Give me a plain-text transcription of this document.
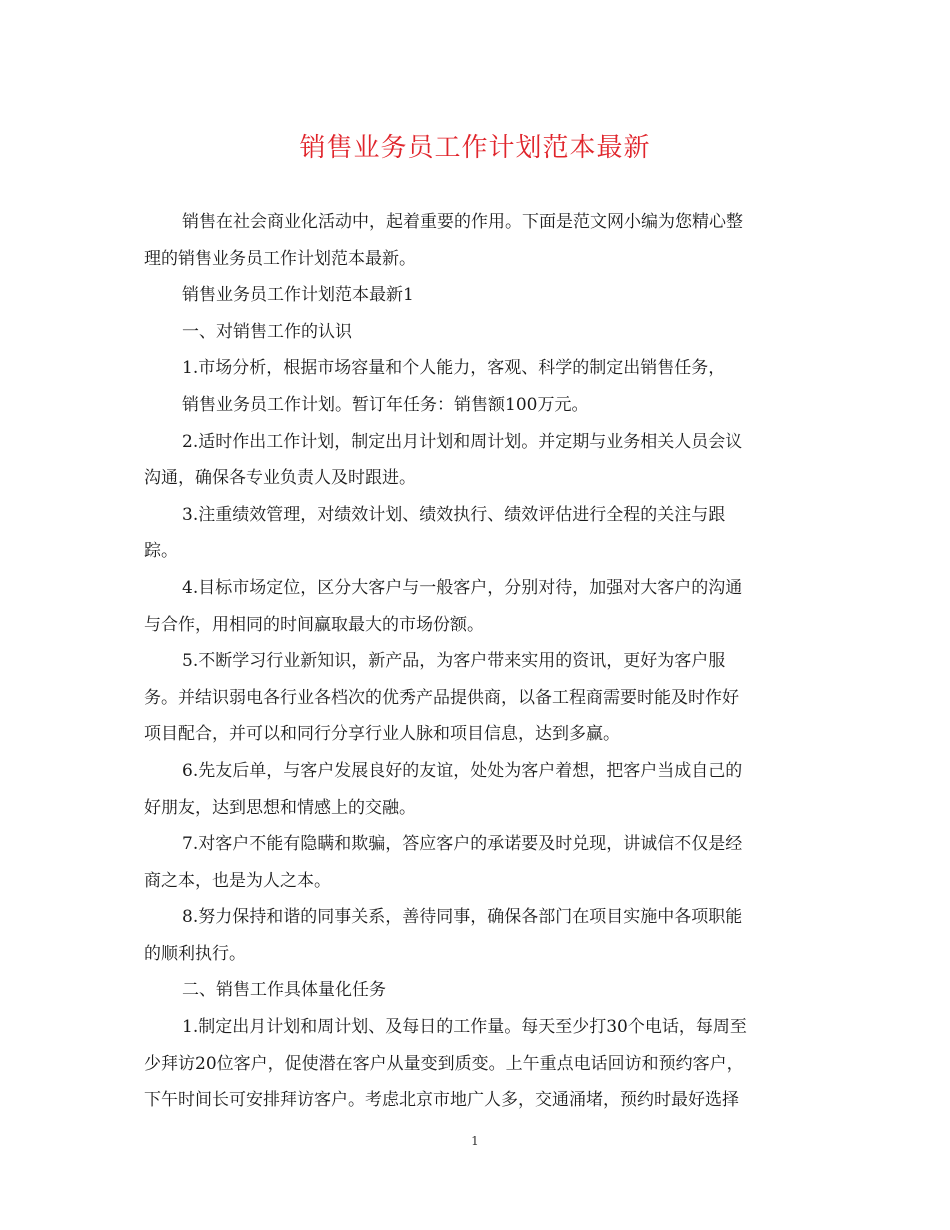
销售业务员工作计划范本最新

销售在社会商业化活动中，起着重要的作用。下面是范文网小编为您精心整
理的销售业务员工作计划范本最新。

销售业务员工作计划范本最新1

一、对销售工作的认识

1.市场分析，根据市场容量和个人能力，客观、科学的制定出销售任务，

销售业务员工作计划。暂订年任务：销售额100万元。

2.适时作出工作计划，制定出月计划和周计划。并定期与业务相关人员会议
沟通，确保各专业负责人及时跟进。

3.注重绩效管理，对绩效计划、绩效执行、绩效评估进行全程的关注与跟
踪。

4.目标市场定位，区分大客户与一般客户，分别对待，加强对大客户的沟通
与合作，用相同的时间赢取最大的市场份额。

5.不断学习行业新知识，新产品，为客户带来实用的资讯，更好为客户服
务。并结识弱电各行业各档次的优秀产品提供商，以备工程商需要时能及时作好
项目配合，并可以和同行分享行业人脉和项目信息，达到多赢。

6.先友后单，与客户发展良好的友谊，处处为客户着想，把客户当成自己的
好朋友，达到思想和情感上的交融。

7.对客户不能有隐瞒和欺骗，答应客户的承诺要及时兑现，讲诚信不仅是经
商之本，也是为人之本。

8.努力保持和谐的同事关系，善待同事，确保各部门在项目实施中各项职能
的顺利执行。

二、销售工作具体量化任务

1.制定出月计划和周计划、及每日的工作量。每天至少打30个电话，每周至
少拜访20位客户，促使潜在客户从量变到质变。上午重点电话回访和预约客户，
下午时间长可安排拜访客户。考虑北京市地广人多，交通涌堵，预约时最好选择

1
